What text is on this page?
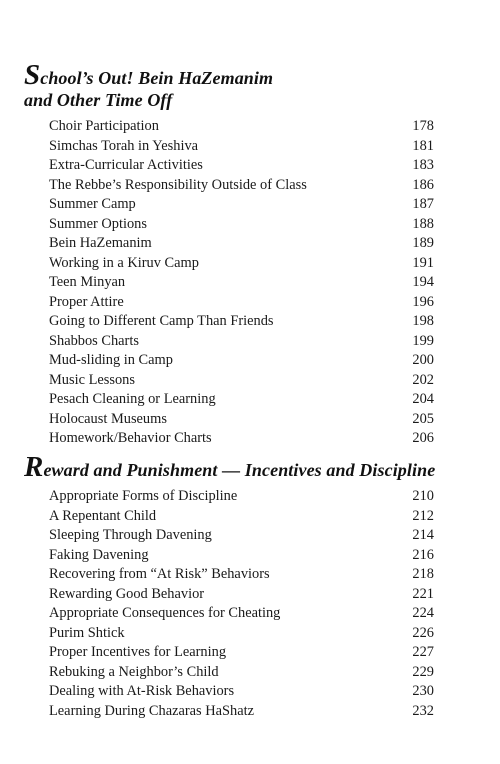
School’s Out! Bein HaZemanim
and Other Time Off
Choir Participation	178
Simchas Torah in Yeshiva	181
Extra-Curricular Activities	183
The Rebbe’s Responsibility Outside of Class	186
Summer Camp	187
Summer Options	188
Bein HaZemanim	189
Working in a Kiruv Camp	191
Teen Minyan	194
Proper Attire	196
Going to Different Camp Than Friends	198
Shabbos Charts	199
Mud-sliding in Camp	200
Music Lessons	202
Pesach Cleaning or Learning	204
Holocaust Museums	205
Homework/Behavior Charts	206
Reward and Punishment — Incentives and Discipline
Appropriate Forms of Discipline	210
A Repentant Child	212
Sleeping Through Davening	214
Faking Davening	216
Recovering from “At Risk” Behaviors	218
Rewarding Good Behavior	221
Appropriate Consequences for Cheating	224
Purim Shtick	226
Proper Incentives for Learning	227
Rebuking a Neighbor’s Child	229
Dealing with At-Risk Behaviors	230
Learning During Chazaras HaShatz	232
